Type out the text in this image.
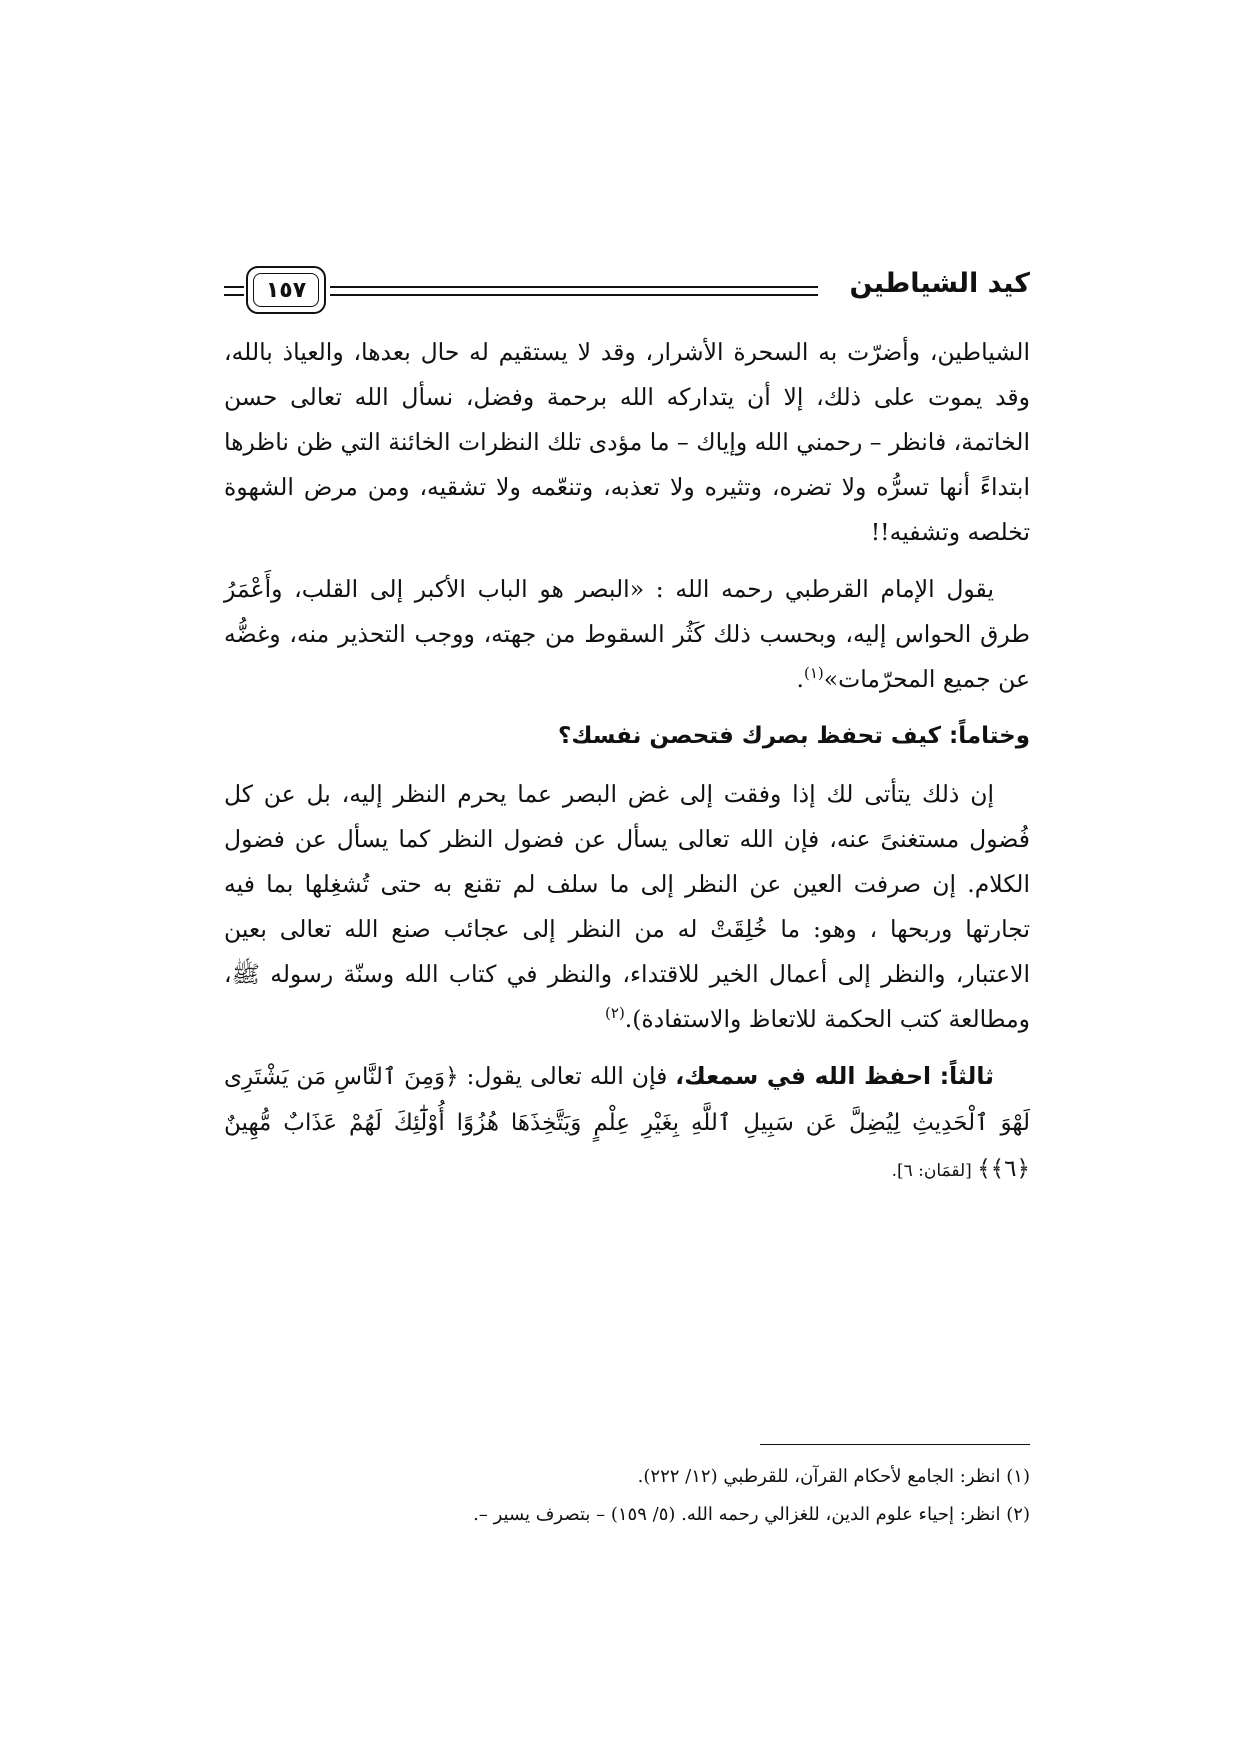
١٥٧	كيد الشياطين

الشياطين، وأضرّت به السحرة الأشرار، وقد لا يستقيم له حال بعدها، والعياذ بالله، وقد يموت على ذلك، إلا أن يتداركه الله برحمة وفضل، نسأل الله تعالى حسن الخاتمة، فانظر – رحمني الله وإياك – ما مؤدى تلك النظرات الخائنة التي ظن ناظرها ابتداءً أنها تسرُّه ولا تضره، وتثيره ولا تعذبه، وتنعّمه ولا تشقيه، ومن مرض الشهوة تخلصه وتشفيه!!

يقول الإمام القرطبي رحمه الله : «البصر هو الباب الأكبر إلى القلب، وأَعْمَرُ طرق الحواس إليه، وبحسب ذلك كَثُر السقوط من جهته، ووجب التحذير منه، وغضُّه عن جميع المحرّمات»$^{(١)}$.

وختاماً: كيف تحفظ بصرك فتحصن نفسك؟

إن ذلك يتأتى لك إذا وفقت إلى غض البصر عما يحرم النظر إليه، بل عن كل فُضول مستغنىً عنه، فإن الله تعالى يسأل عن فضول النظر كما يسأل عن فضول الكلام. إن صرفت العين عن النظر إلى ما سلف لم تقنع به حتى تُشغِلها بما فيه تجارتها وربحها ، وهو: ما خُلِقَتْ له من النظر إلى عجائب صنع الله تعالى بعين الاعتبار، والنظر إلى أعمال الخير للاقتداء، والنظر في كتاب الله وسنّة رسوله ﷺ، ومطالعة كتب الحكمة للاتعاظ والاستفادة).$^{(٢)}$

ثالثاً: احفظ الله في سمعك، فإن الله تعالى يقول: ﴿وَمِنَ ٱلنَّاسِ مَن يَشْتَرِى لَهْوَ ٱلْحَدِيثِ لِيُضِلَّ عَن سَبِيلِ ٱللَّهِ بِغَيْرِ عِلْمٍ وَيَتَّخِذَهَا هُزُوًا أُوْلَٰٓئِكَ لَهُمْ عَذَابٌ مُّهِينٌ ﴿٦﴾﴾ [لقمَان: ٦].

(١) انظر: الجامع لأحكام القرآن، للقرطبي (١٢/ ٢٢٢).

(٢) انظر: إحياء علوم الدين، للغزالي رحمه الله. (٥/ ١٥٩) – بتصرف يسير –.
